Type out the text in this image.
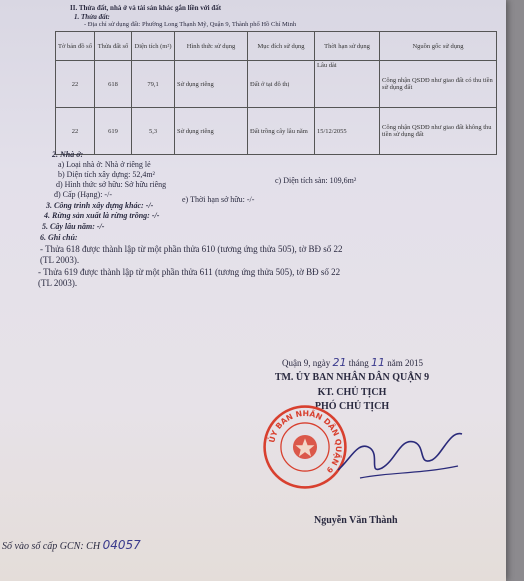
II. Thửa đất, nhà ở và tài sản khác gắn liền với đất
1. Thửa đất:
- Địa chỉ sử dụng đất: Phường Long Thạnh Mỹ, Quận 9, Thành phố Hồ Chí Minh
Tờ bản đồ số	Thửa đất số	Diện tích (m²)	Hình thức sử dụng	Mục đích sử dụng	Thời hạn sử dụng	Nguồn gốc sử dụng
22	618	79,1	Sử dụng riêng	Đất ở tại đô thị	Lâu dài	Công nhận QSDĐ như giao đất có thu tiền sử dụng đất
22	619	5,3	Sử dụng riêng	Đất trồng cây lâu năm	15/12/2055	Công nhận QSDĐ như giao đất không thu tiền sử dụng đất
2. Nhà ở:
a) Loại nhà ở: Nhà ở riêng lẻ
b) Diện tích xây dựng: 52,4m²
c) Diện tích sàn: 109,6m²
d) Hình thức sở hữu: Sở hữu riêng
đ) Cấp (Hạng): -/-
e) Thời hạn sở hữu: -/-
3. Công trình xây dựng khác: -/-
4. Rừng sản xuất là rừng trồng: -/-
5. Cây lâu năm: -/-
6. Ghi chú:
- Thửa 618 được thành lập từ một phần thửa 610 (tương ứng thửa 505), tờ BĐ số 22
(TL 2003).
- Thửa 619 được thành lập từ một phần thửa 611 (tương ứng thửa 505), tờ BĐ số 22
(TL 2003).
Quận 9, ngày 21 tháng 11 năm 2015
TM. ỦY BAN NHÂN DÂN QUẬN 9
KT. CHỦ TỊCH
PHÓ CHỦ TỊCH
ỦY BAN NHÂN DÂN QUẬN 9
Nguyễn Văn Thành
Số vào sổ cấp GCN: CH 04057
